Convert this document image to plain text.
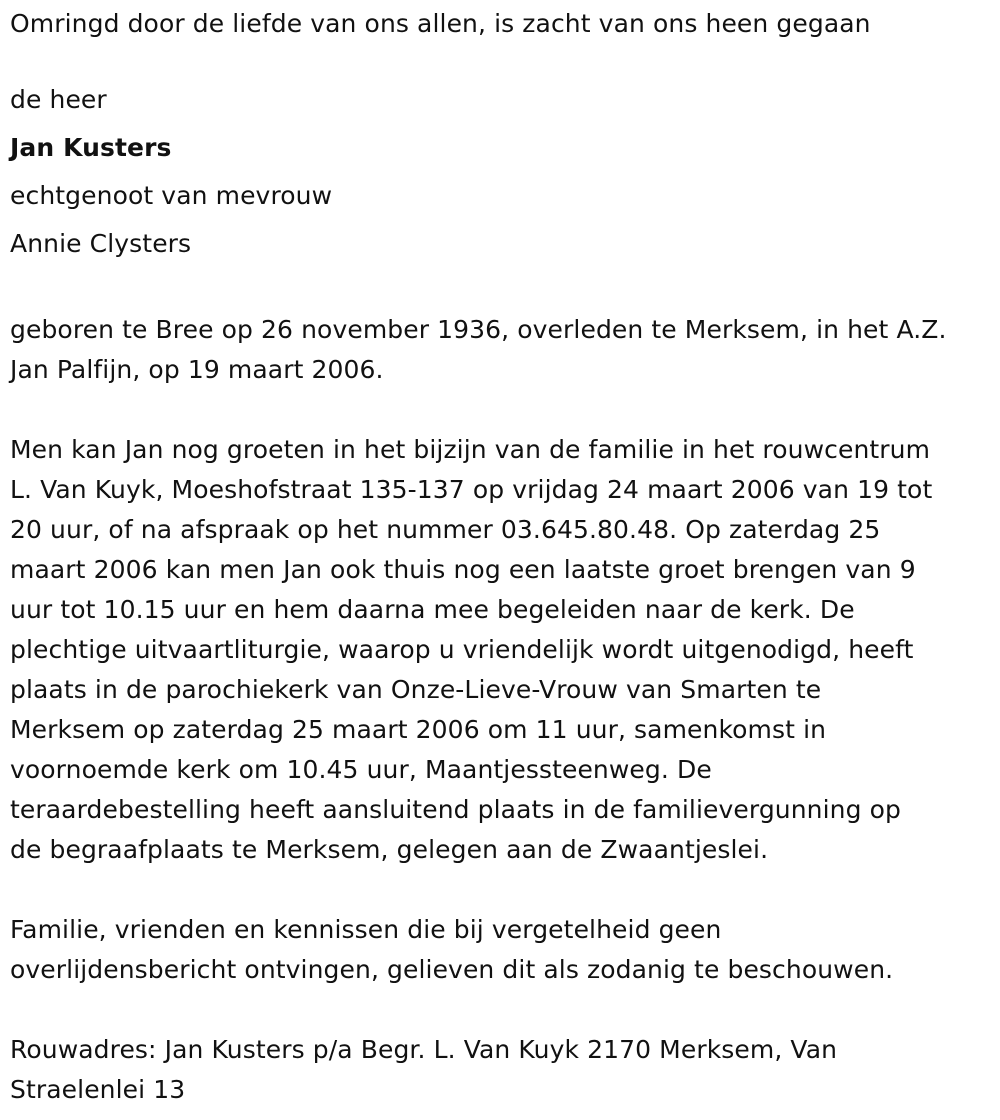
Omringd door de liefde van ons allen, is zacht van ons heen gegaan

de heer

Jan Kusters

echtgenoot van mevrouw

Annie Clysters

geboren te Bree op 26 november 1936, overleden te Merksem, in het A.Z.
Jan Palfijn, op 19 maart 2006.
Men kan Jan nog groeten in het bijzijn van de familie in het rouwcentrum
L. Van Kuyk, Moeshofstraat 135-137 op vrijdag 24 maart 2006 van 19 tot
20 uur, of na afspraak op het nummer 03.645.80.48. Op zaterdag 25
maart 2006 kan men Jan ook thuis nog een laatste groet brengen van 9
uur tot 10.15 uur en hem daarna mee begeleiden naar de kerk. De
plechtige uitvaartliturgie, waarop u vriendelijk wordt uitgenodigd, heeft
plaats in de parochiekerk van Onze-Lieve-Vrouw van Smarten te
Merksem op zaterdag 25 maart 2006 om 11 uur, samenkomst in
voornoemde kerk om 10.45 uur, Maantjessteenweg. De
teraardebestelling heeft aansluitend plaats in de familievergunning op
de begraafplaats te Merksem, gelegen aan de Zwaantjeslei.
Familie, vrienden en kennissen die bij vergetelheid geen
overlijdensbericht ontvingen, gelieven dit als zodanig te beschouwen.
Rouwadres: Jan Kusters p/a Begr. L. Van Kuyk 2170 Merksem, Van
Straelenlei 13
